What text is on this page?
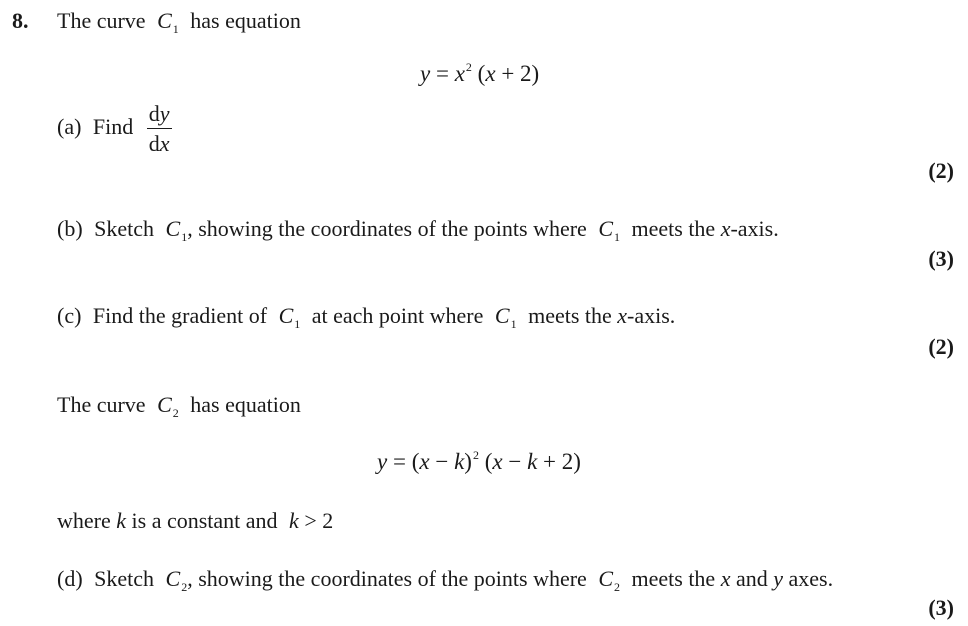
8. The curve $C_1$ has equation
$y = x^2$ (x + 2)
(a) Find $\frac{dy}{dx}$
(2)
(b) Sketch $C_1$, showing the coordinates of the points where $C_1$ meets the x-axis.
(3)
(c) Find the gradient of $C_1$ at each point where $C_1$ meets the x-axis.
(2)
The curve $C_2$ has equation
$y = (x - k)^2$ (x − k + 2)
where k is a constant and k > 2
(d) Sketch $C_2$, showing the coordinates of the points where $C_2$ meets the x and y axes.
(3)
